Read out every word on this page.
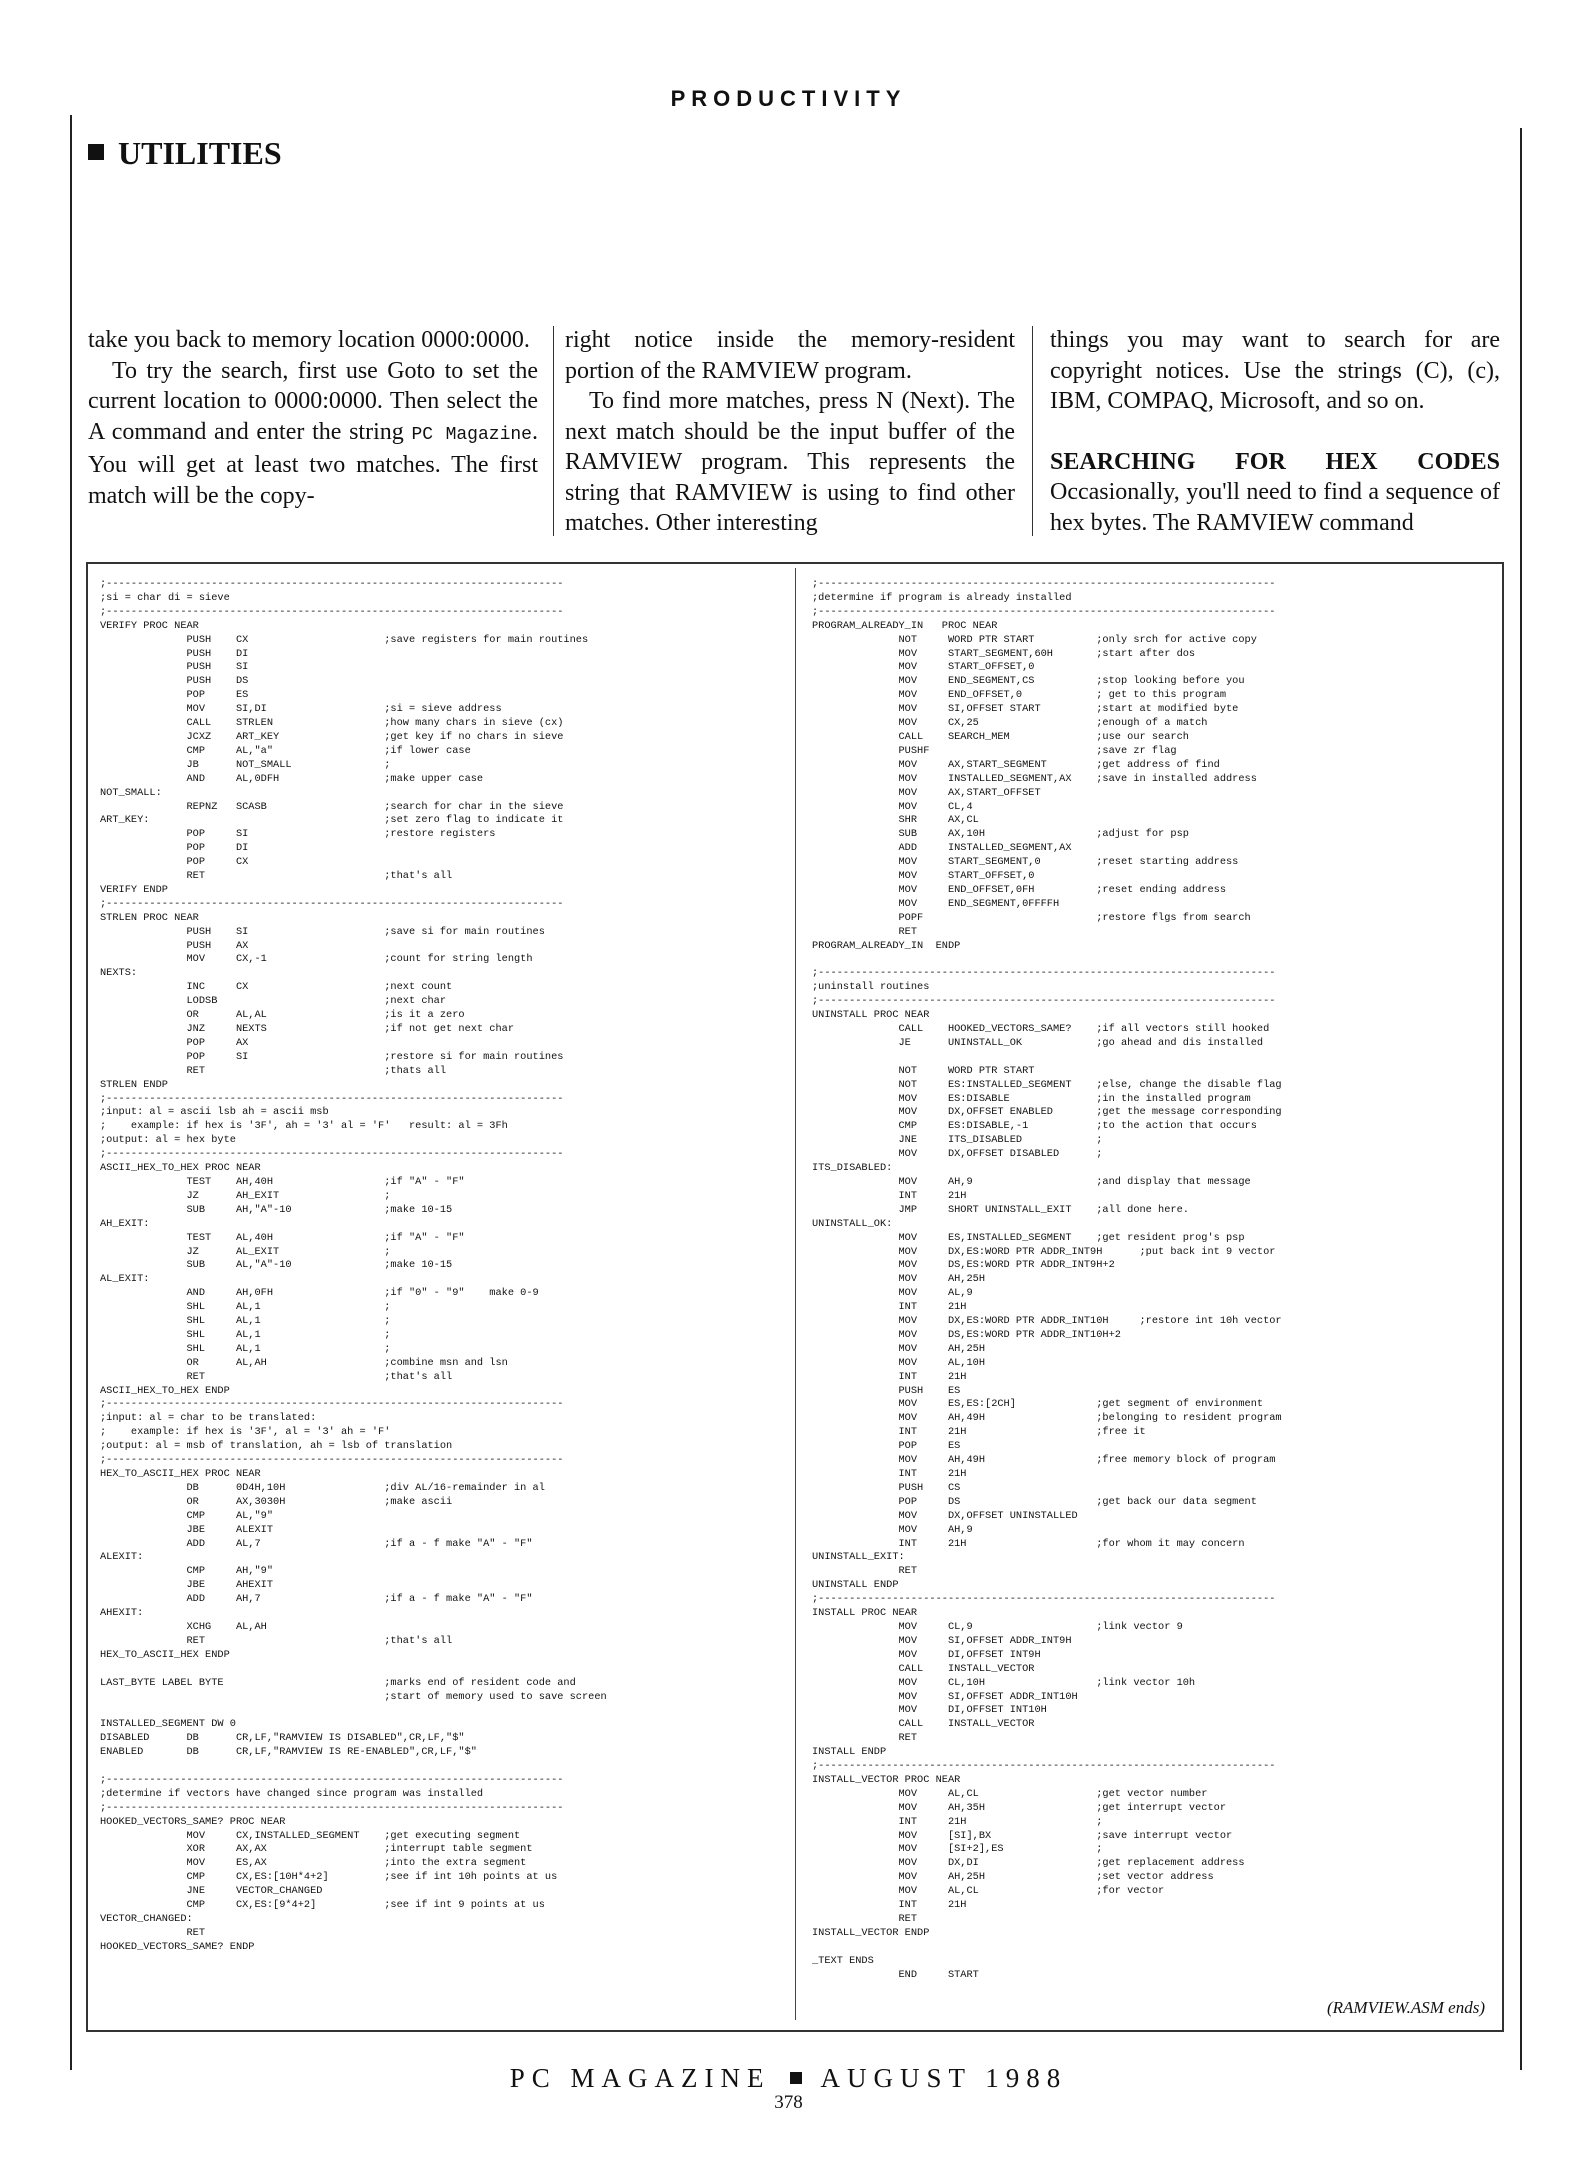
PRODUCTIVITY
UTILITIES

take you back to memory location 0000:0000.

To try the search, first use Goto to set the current location to 0000:0000. Then select the A command and enter the string PC Magazine. You will get at least two matches. The first match will be the copy-

right notice inside the memory-resident portion of the RAMVIEW program.

To find more matches, press N (Next). The next match should be the input buffer of the RAMVIEW program. This represents the string that RAMVIEW is using to find other matches. Other interesting

things you may want to search for are copyright notices. Use the strings (C), (c), IBM, COMPAQ, Microsoft, and so on.

SEARCHING FOR HEX CODES Occasionally, you'll need to find a sequence of hex bytes. The RAMVIEW command

;--------------------------------------------------------------------------
;si = char di = sieve
;--------------------------------------------------------------------------
VERIFY PROC NEAR
PUSH    CX                      ;save registers for main routines
PUSH    DI
PUSH    SI
PUSH    DS
POP     ES
MOV     SI,DI                   ;si = sieve address
CALL    STRLEN                  ;how many chars in sieve (cx)
JCXZ    ART_KEY                 ;get key if no chars in sieve
CMP     AL,"a"                  ;if lower case
JB      NOT_SMALL               ;
AND     AL,0DFH                 ;make upper case
NOT_SMALL:
REPNZ   SCASB                   ;search for char in the sieve
ART_KEY:                                      ;set zero flag to indicate it
POP     SI                      ;restore registers
POP     DI
POP     CX
RET                             ;that's all
VERIFY ENDP
;--------------------------------------------------------------------------
STRLEN PROC NEAR
PUSH    SI                      ;save si for main routines
PUSH    AX
MOV     CX,-1                   ;count for string length
NEXTS:
INC     CX                      ;next count
LODSB                           ;next char
OR      AL,AL                   ;is it a zero
JNZ     NEXTS                   ;if not get next char
POP     AX
POP     SI                      ;restore si for main routines
RET                             ;thats all
STRLEN ENDP
;--------------------------------------------------------------------------
;input: al = ascii lsb ah = ascii msb
;    example: if hex is '3F', ah = '3' al = 'F'   result: al = 3Fh
;output: al = hex byte
;--------------------------------------------------------------------------
ASCII_HEX_TO_HEX PROC NEAR
TEST    AH,40H                  ;if "A" - "F"
JZ      AH_EXIT                 ;
SUB     AH,"A"-10               ;make 10-15
AH_EXIT:
TEST    AL,40H                  ;if "A" - "F"
JZ      AL_EXIT                 ;
SUB     AL,"A"-10               ;make 10-15
AL_EXIT:
AND     AH,0FH                  ;if "0" - "9"    make 0-9
SHL     AL,1                    ;
SHL     AL,1                    ;
SHL     AL,1                    ;
SHL     AL,1                    ;
OR      AL,AH                   ;combine msn and lsn
RET                             ;that's all
ASCII_HEX_TO_HEX ENDP
;--------------------------------------------------------------------------
;input: al = char to be translated:
;    example: if hex is '3F', al = '3' ah = 'F'
;output: al = msb of translation, ah = lsb of translation
;--------------------------------------------------------------------------
HEX_TO_ASCII_HEX PROC NEAR
DB      0D4H,10H                ;div AL/16-remainder in al
OR      AX,3030H                ;make ascii
CMP     AL,"9"
JBE     ALEXIT
ADD     AL,7                    ;if a - f make "A" - "F"
ALEXIT:
CMP     AH,"9"
JBE     AHEXIT
ADD     AH,7                    ;if a - f make "A" - "F"
AHEXIT:
XCHG    AL,AH
RET                             ;that's all
HEX_TO_ASCII_HEX ENDP

LAST_BYTE LABEL BYTE                          ;marks end of resident code and
;start of memory used to save screen

INSTALLED_SEGMENT DW 0
DISABLED      DB      CR,LF,"RAMVIEW IS DISABLED",CR,LF,"$"
ENABLED       DB      CR,LF,"RAMVIEW IS RE-ENABLED",CR,LF,"$"

;--------------------------------------------------------------------------
;determine if vectors have changed since program was installed
;--------------------------------------------------------------------------
HOOKED_VECTORS_SAME? PROC NEAR
MOV     CX,INSTALLED_SEGMENT    ;get executing segment
XOR     AX,AX                   ;interrupt table segment
MOV     ES,AX                   ;into the extra segment
CMP     CX,ES:[10H*4+2]         ;see if int 10h points at us
JNE     VECTOR_CHANGED
CMP     CX,ES:[9*4+2]           ;see if int 9 points at us
VECTOR_CHANGED:
RET
HOOKED_VECTORS_SAME? ENDP
;--------------------------------------------------------------------------
;determine if program is already installed
;--------------------------------------------------------------------------
PROGRAM_ALREADY_IN   PROC NEAR
NOT     WORD PTR START          ;only srch for active copy
MOV     START_SEGMENT,60H       ;start after dos
MOV     START_OFFSET,0
MOV     END_SEGMENT,CS          ;stop looking before you
MOV     END_OFFSET,0            ; get to this program
MOV     SI,OFFSET START         ;start at modified byte
MOV     CX,25                   ;enough of a match
CALL    SEARCH_MEM              ;use our search
PUSHF                           ;save zr flag
MOV     AX,START_SEGMENT        ;get address of find
MOV     INSTALLED_SEGMENT,AX    ;save in installed address
MOV     AX,START_OFFSET
MOV     CL,4
SHR     AX,CL
SUB     AX,10H                  ;adjust for psp
ADD     INSTALLED_SEGMENT,AX
MOV     START_SEGMENT,0         ;reset starting address
MOV     START_OFFSET,0
MOV     END_OFFSET,0FH          ;reset ending address
MOV     END_SEGMENT,0FFFFH
POPF                            ;restore flgs from search
RET
PROGRAM_ALREADY_IN  ENDP

;--------------------------------------------------------------------------
;uninstall routines
;--------------------------------------------------------------------------
UNINSTALL PROC NEAR
CALL    HOOKED_VECTORS_SAME?    ;if all vectors still hooked
JE      UNINSTALL_OK            ;go ahead and dis installed

NOT     WORD PTR START
NOT     ES:INSTALLED_SEGMENT    ;else, change the disable flag
MOV     ES:DISABLE              ;in the installed program
MOV     DX,OFFSET ENABLED       ;get the message corresponding
CMP     ES:DISABLE,-1           ;to the action that occurs
JNE     ITS_DISABLED            ;
MOV     DX,OFFSET DISABLED      ;
ITS_DISABLED:
MOV     AH,9                    ;and display that message
INT     21H
JMP     SHORT UNINSTALL_EXIT    ;all done here.
UNINSTALL_OK:
MOV     ES,INSTALLED_SEGMENT    ;get resident prog's psp
MOV     DX,ES:WORD PTR ADDR_INT9H      ;put back int 9 vector
MOV     DS,ES:WORD PTR ADDR_INT9H+2
MOV     AH,25H
MOV     AL,9
INT     21H
MOV     DX,ES:WORD PTR ADDR_INT10H     ;restore int 10h vector
MOV     DS,ES:WORD PTR ADDR_INT10H+2
MOV     AH,25H
MOV     AL,10H
INT     21H
PUSH    ES
MOV     ES,ES:[2CH]             ;get segment of environment
MOV     AH,49H                  ;belonging to resident program
INT     21H                     ;free it
POP     ES
MOV     AH,49H                  ;free memory block of program
INT     21H
PUSH    CS
POP     DS                      ;get back our data segment
MOV     DX,OFFSET UNINSTALLED
MOV     AH,9
INT     21H                     ;for whom it may concern
UNINSTALL_EXIT:
RET
UNINSTALL ENDP
;--------------------------------------------------------------------------
INSTALL PROC NEAR
MOV     CL,9                    ;link vector 9
MOV     SI,OFFSET ADDR_INT9H
MOV     DI,OFFSET INT9H
CALL    INSTALL_VECTOR
MOV     CL,10H                  ;link vector 10h
MOV     SI,OFFSET ADDR_INT10H
MOV     DI,OFFSET INT10H
CALL    INSTALL_VECTOR
RET
INSTALL ENDP
;--------------------------------------------------------------------------
INSTALL_VECTOR PROC NEAR
MOV     AL,CL                   ;get vector number
MOV     AH,35H                  ;get interrupt vector
INT     21H                     ;
MOV     [SI],BX                 ;save interrupt vector
MOV     [SI+2],ES               ;
MOV     DX,DI                   ;get replacement address
MOV     AH,25H                  ;set vector address
MOV     AL,CL                   ;for vector
INT     21H
RET
INSTALL_VECTOR ENDP

_TEXT ENDS
END     START
(RAMVIEW.ASM ends)
PC MAGAZINE AUGUST 1988
378
